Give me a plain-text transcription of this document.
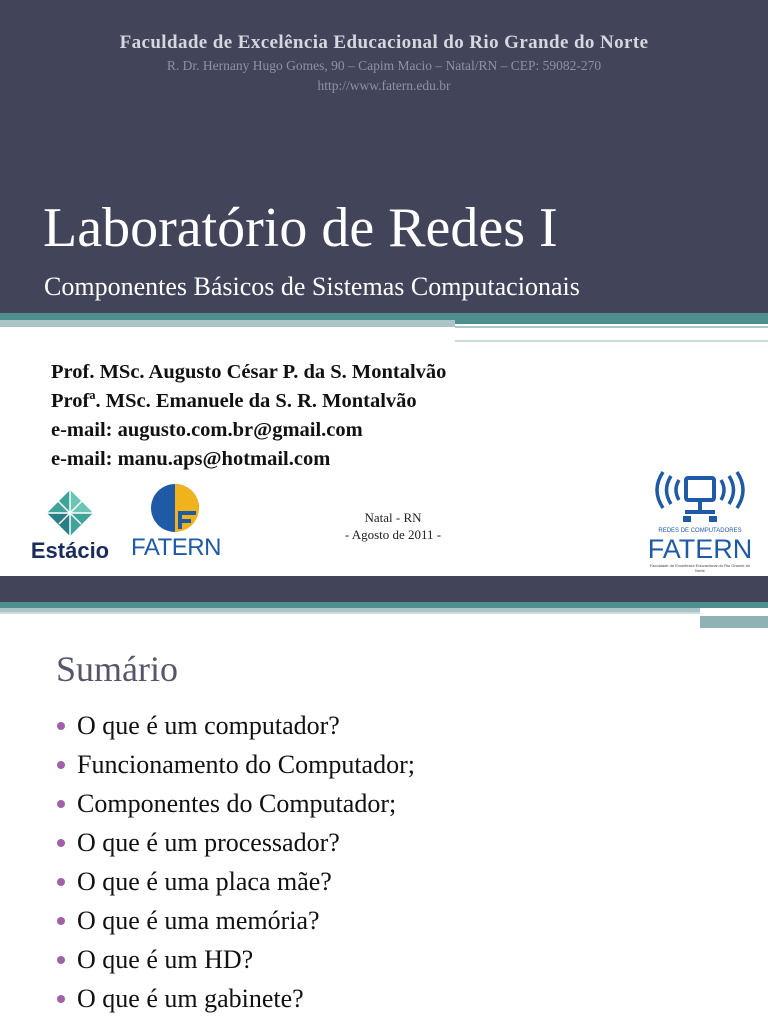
Faculdade de Excelência Educacional do Rio Grande do Norte
R. Dr. Hernany Hugo Gomes, 90 – Capim Macio – Natal/RN – CEP: 59082-270
http://www.fatern.edu.br
Laboratório de Redes I
Componentes Básicos de Sistemas Computacionais
Prof. MSc. Augusto César P. da S. Montalvão
Profª. MSc. Emanuele da S. R. Montalvão
e-mail: augusto.com.br@gmail.com
e-mail: manu.aps@hotmail.com
Estácio FATERN
Natal - RN
- Agosto de 2011 -	REDES DE COMPUTADORES
FATERN
Faculdade de Excelência Educacional do Rio Grande do Norte
Sumário
O que é um computador?
Funcionamento do Computador;
Componentes do Computador;
O que é um processador?
O que é uma placa mãe?
O que é uma memória?
O que é um HD?
O que é um gabinete?
